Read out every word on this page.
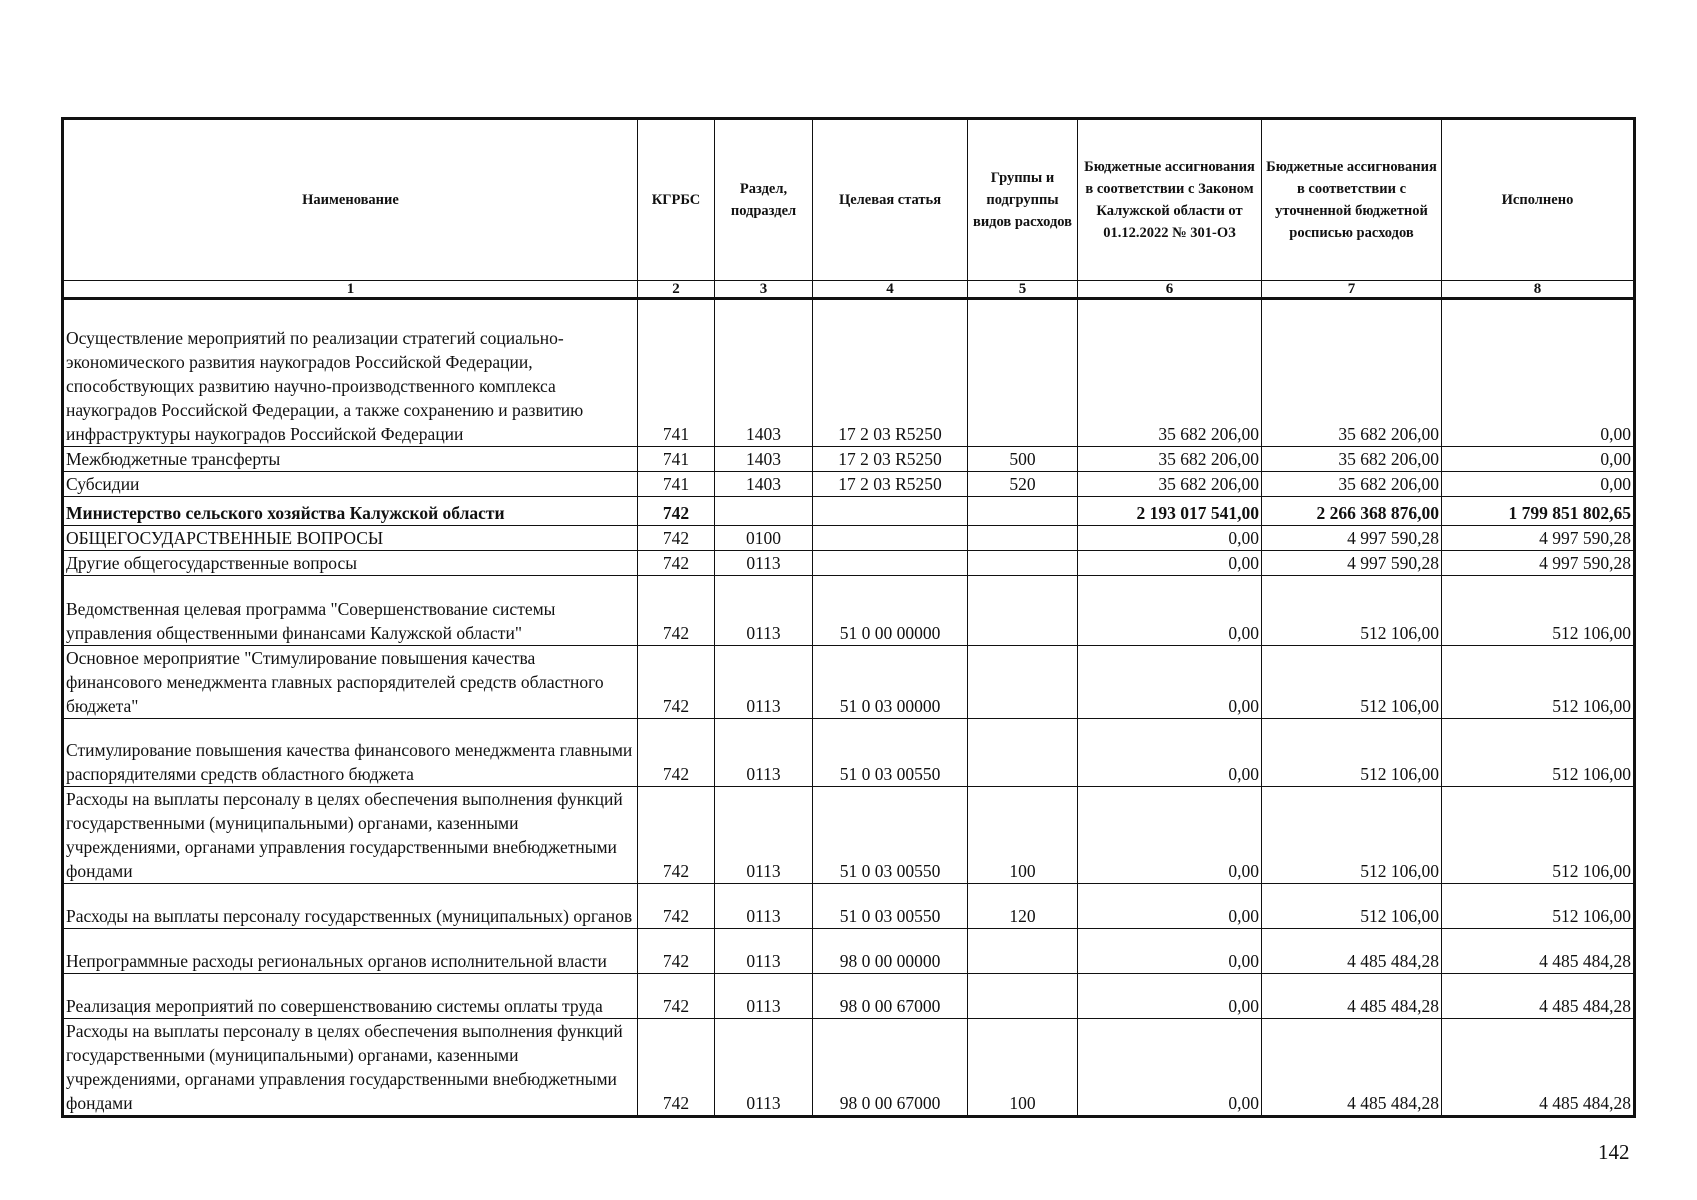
Наименование	КГРБС	Раздел, подраздел	Целевая статья	Группы и подгруппы видов расходов	Бюджетные ассигнования в соответствии с Законом Калужской области от 01.12.2022 № 301-ОЗ	Бюджетные ассигнования в соответствии с уточненной бюджетной росписью расходов	Исполнено
1	2	3	4	5	6	7	8
Осуществление мероприятий по реализации стратегий социально-экономического развития наукоградов Российской Федерации, способствующих развитию научно-производственного комплекса наукоградов Российской Федерации, а также сохранению и развитию инфраструктуры наукоградов Российской Федерации	741	1403	17 2 03 R5250		35 682 206,00	35 682 206,00	0,00
Межбюджетные трансферты	741	1403	17 2 03 R5250	500	35 682 206,00	35 682 206,00	0,00
Субсидии	741	1403	17 2 03 R5250	520	35 682 206,00	35 682 206,00	0,00
Министерство сельского хозяйства Калужской области	742				2 193 017 541,00	2 266 368 876,00	1 799 851 802,65
ОБЩЕГОСУДАРСТВЕННЫЕ ВОПРОСЫ	742	0100			0,00	4 997 590,28	4 997 590,28
Другие общегосударственные вопросы	742	0113			0,00	4 997 590,28	4 997 590,28
Ведомственная целевая программа "Совершенствование системы управления общественными финансами Калужской области"	742	0113	51 0 00 00000		0,00	512 106,00	512 106,00
Основное мероприятие "Стимулирование повышения качества финансового менеджмента главных распорядителей средств областного бюджета"	742	0113	51 0 03 00000		0,00	512 106,00	512 106,00
Стимулирование повышения качества финансового менеджмента главными распорядителями средств областного бюджета	742	0113	51 0 03 00550		0,00	512 106,00	512 106,00
Расходы на выплаты персоналу в целях обеспечения выполнения функций государственными (муниципальными) органами, казенными учреждениями, органами управления государственными внебюджетными фондами	742	0113	51 0 03 00550	100	0,00	512 106,00	512 106,00
Расходы на выплаты персоналу государственных (муниципальных) органов	742	0113	51 0 03 00550	120	0,00	512 106,00	512 106,00
Непрограммные расходы региональных органов исполнительной власти	742	0113	98 0 00 00000		0,00	4 485 484,28	4 485 484,28
Реализация мероприятий по совершенствованию системы оплаты труда	742	0113	98 0 00 67000		0,00	4 485 484,28	4 485 484,28
Расходы на выплаты персоналу в целях обеспечения выполнения функций государственными (муниципальными) органами, казенными учреждениями, органами управления государственными внебюджетными фондами	742	0113	98 0 00 67000	100	0,00	4 485 484,28	4 485 484,28
142
